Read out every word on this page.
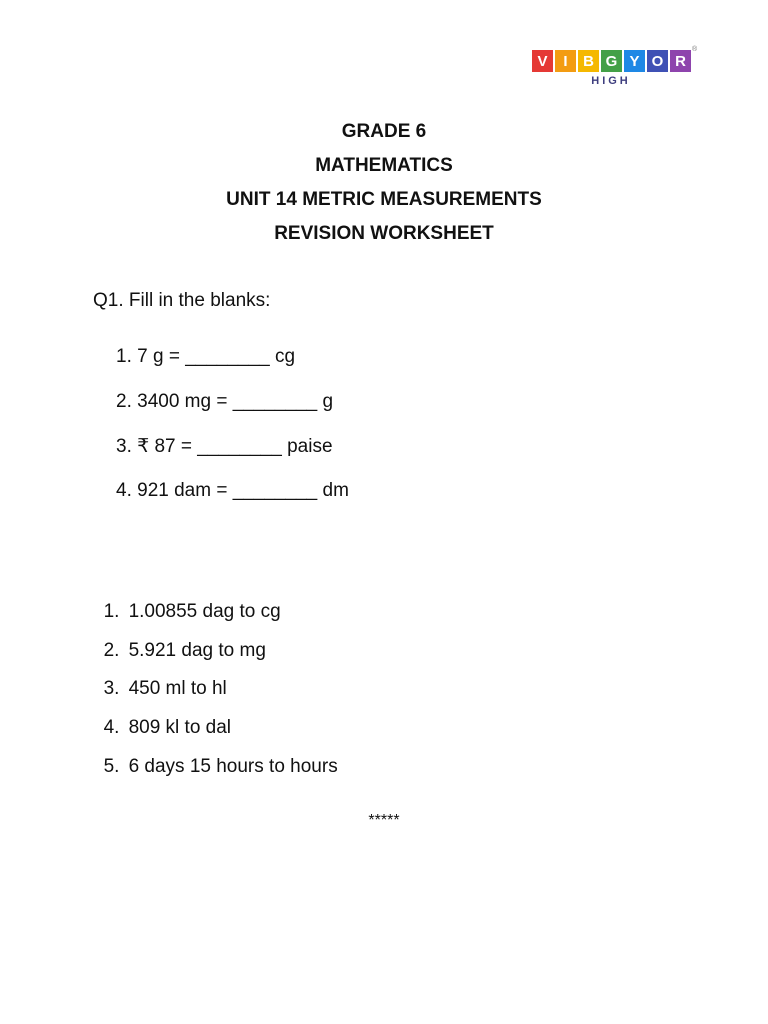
V	I	B G Y O R
®
HIGH
GRADE 6
MATHEMATICS
UNIT 14 METRIC MEASUREMENTS
REVISION WORKSHEET
Q1. Fill in the blanks:
1. 7 g = ________ cg
2. 3400 mg = ________ g
3. ₹ 87 = ________ paise
4. 921 dam = ________ dm

1. 1.00855 dag to cg

2. 5.921 dag to mg

3. 450 ml to hl

4. 809 kl to dal

5. 6 days 15 hours to hours

*****
